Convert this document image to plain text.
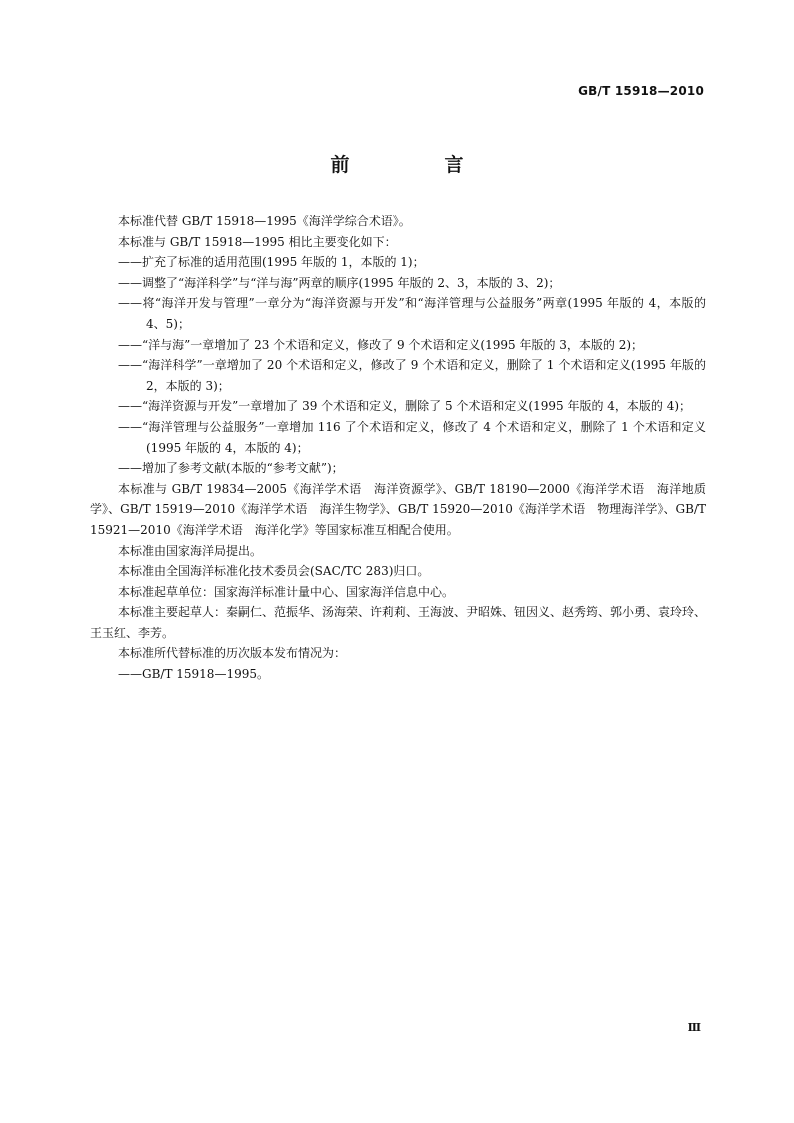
GB/T 15918—2010
前　言

本标准代替 GB/T 15918—1995《海洋学综合术语》。

本标准与 GB/T 15918—1995 相比主要变化如下：

——扩充了标准的适用范围(1995 年版的 1，本版的 1)；

——调整了“海洋科学”与“洋与海”两章的顺序(1995 年版的 2、3，本版的 3、2)；

——将“海洋开发与管理”一章分为“海洋资源与开发”和“海洋管理与公益服务”两章(1995 年版的 4，本版的 4、5)；

——“洋与海”一章增加了 23 个术语和定义，修改了 9 个术语和定义(1995 年版的 3，本版的 2)；

——“海洋科学”一章增加了 20 个术语和定义，修改了 9 个术语和定义，删除了 1 个术语和定义(1995 年版的 2，本版的 3)；

——“海洋资源与开发”一章增加了 39 个术语和定义，删除了 5 个术语和定义(1995 年版的 4，本版的 4)；

——“海洋管理与公益服务”一章增加 116 了个术语和定义，修改了 4 个术语和定义，删除了 1 个术语和定义(1995 年版的 4，本版的 4)；

——增加了参考文献(本版的“参考文献”)；

本标准与 GB/T 19834—2005《海洋学术语　海洋资源学》、GB/T 18190—2000《海洋学术语　海洋地质学》、GB/T 15919—2010《海洋学术语　海洋生物学》、GB/T 15920—2010《海洋学术语　物理海洋学》、GB/T 15921—2010《海洋学术语　海洋化学》等国家标准互相配合使用。

本标准由国家海洋局提出。

本标准由全国海洋标准化技术委员会(SAC/TC 283)归口。

本标准起草单位：国家海洋标准计量中心、国家海洋信息中心。

本标准主要起草人：秦嗣仁、范振华、汤海荣、许莉莉、王海波、尹昭姝、钮因义、赵秀筠、郭小勇、袁玲玲、王玉红、李芳。

本标准所代替标准的历次版本发布情况为：

——GB/T 15918—1995。

Ⅲ
